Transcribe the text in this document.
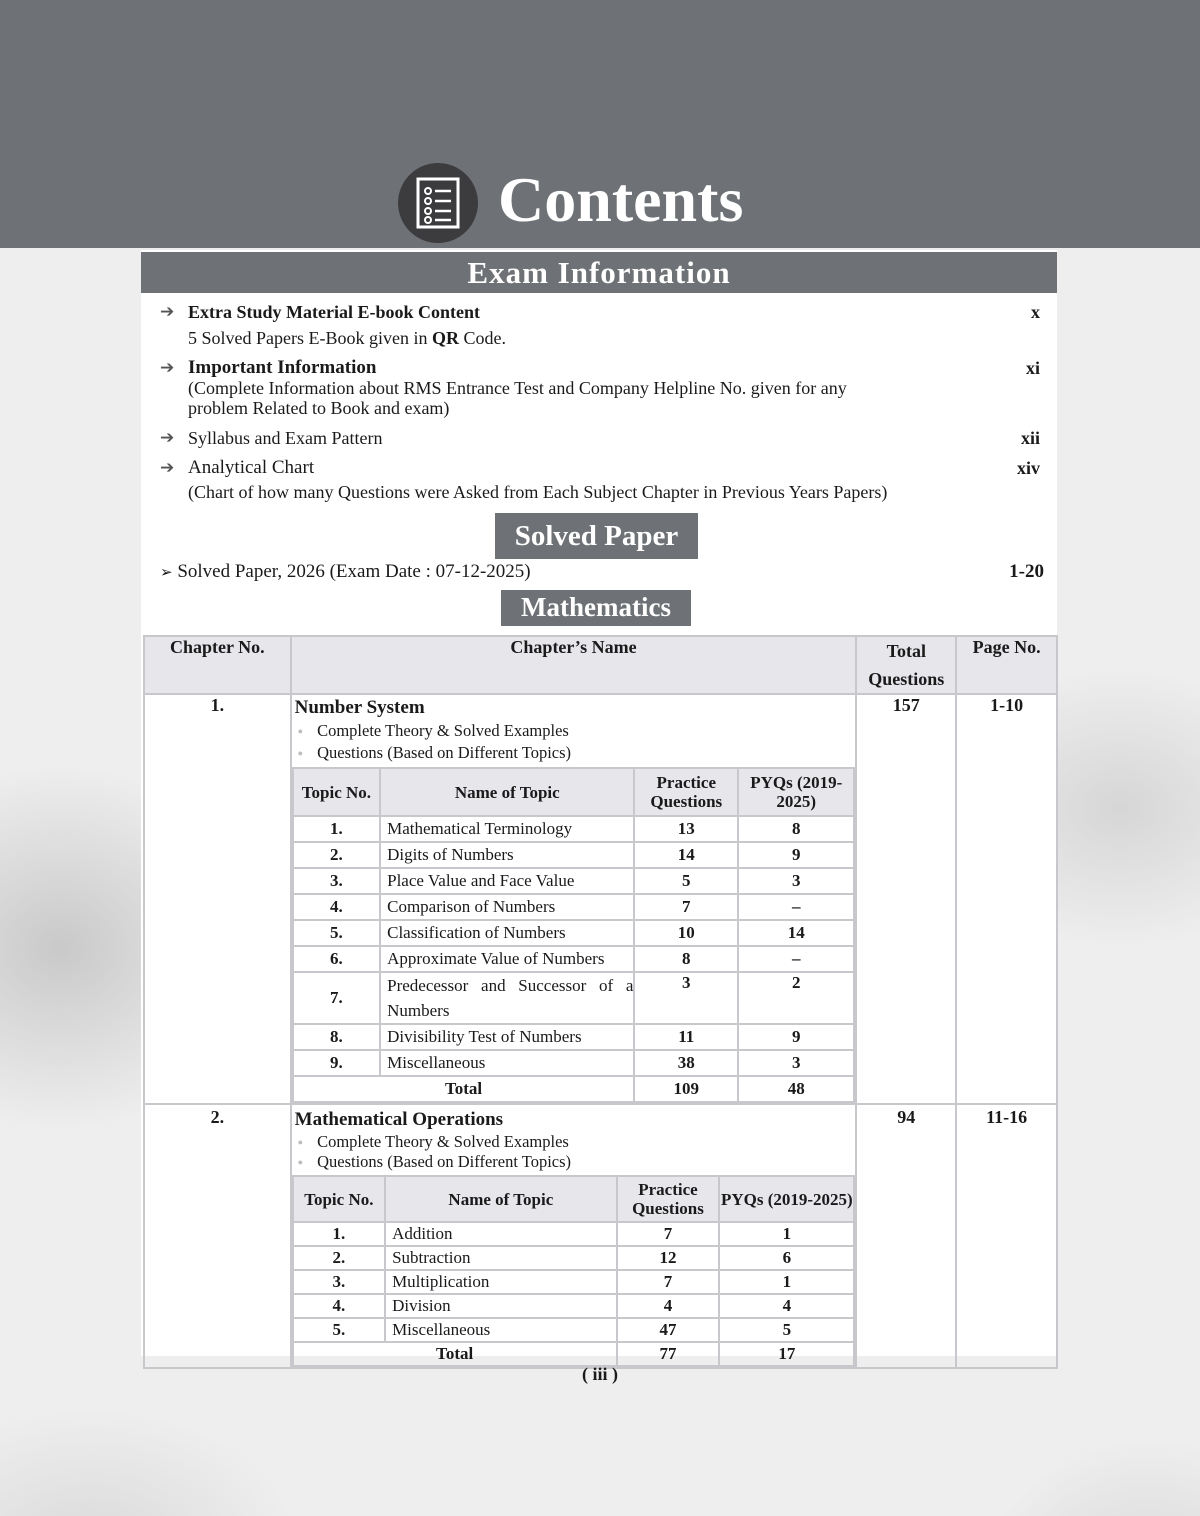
Contents
Exam Information
➔ Extra Study Material E-book Content
5 Solved Papers E-Book given in QR Code.
x
➔ Important Information
(Complete Information about RMS Entrance Test and Company Helpline No. given for any problem Related to Book and exam)
xi
➔ Syllabus and Exam Pattern	xii
➔ Analytical Chart
(Chart of how many Questions were Asked from Each Subject Chapter in Previous Years Papers)
xiv
Solved Paper
➢ Solved Paper, 2026 (Exam Date : 07-12-2025)	1-20
Mathematics
Chapter No.	Chapter’s Name	Total Questions	Page No.
1.	Number System
● Complete Theory & Solved Examples
● Questions (Based on Different Topics)
Topic No.	Name of Topic	Practice Questions	PYQs (2019-2025)
1.	Mathematical Terminology	13	8
2.	Digits of Numbers	14	9
3.	Place Value and Face Value	5	3
4.	Comparison of Numbers	7	–
5.	Classification of Numbers	10	14
6.	Approximate Value of Numbers	8	–
7.	Predecessor and Successor of a Numbers	3	2
8.	Divisibility Test of Numbers	11	9
9.	Miscellaneous	38	3
Total	109	48
	157	1-10
2.	Mathematical Operations
● Complete Theory & Solved Examples
● Questions (Based on Different Topics)
Topic No.	Name of Topic	Practice Questions	PYQs (2019-2025)
1.	Addition	7	1
2.	Subtraction	12	6
3.	Multiplication	7	1
4.	Division	4	4
5.	Miscellaneous	47	5
Total	77	17
	94	11-16
( iii )
